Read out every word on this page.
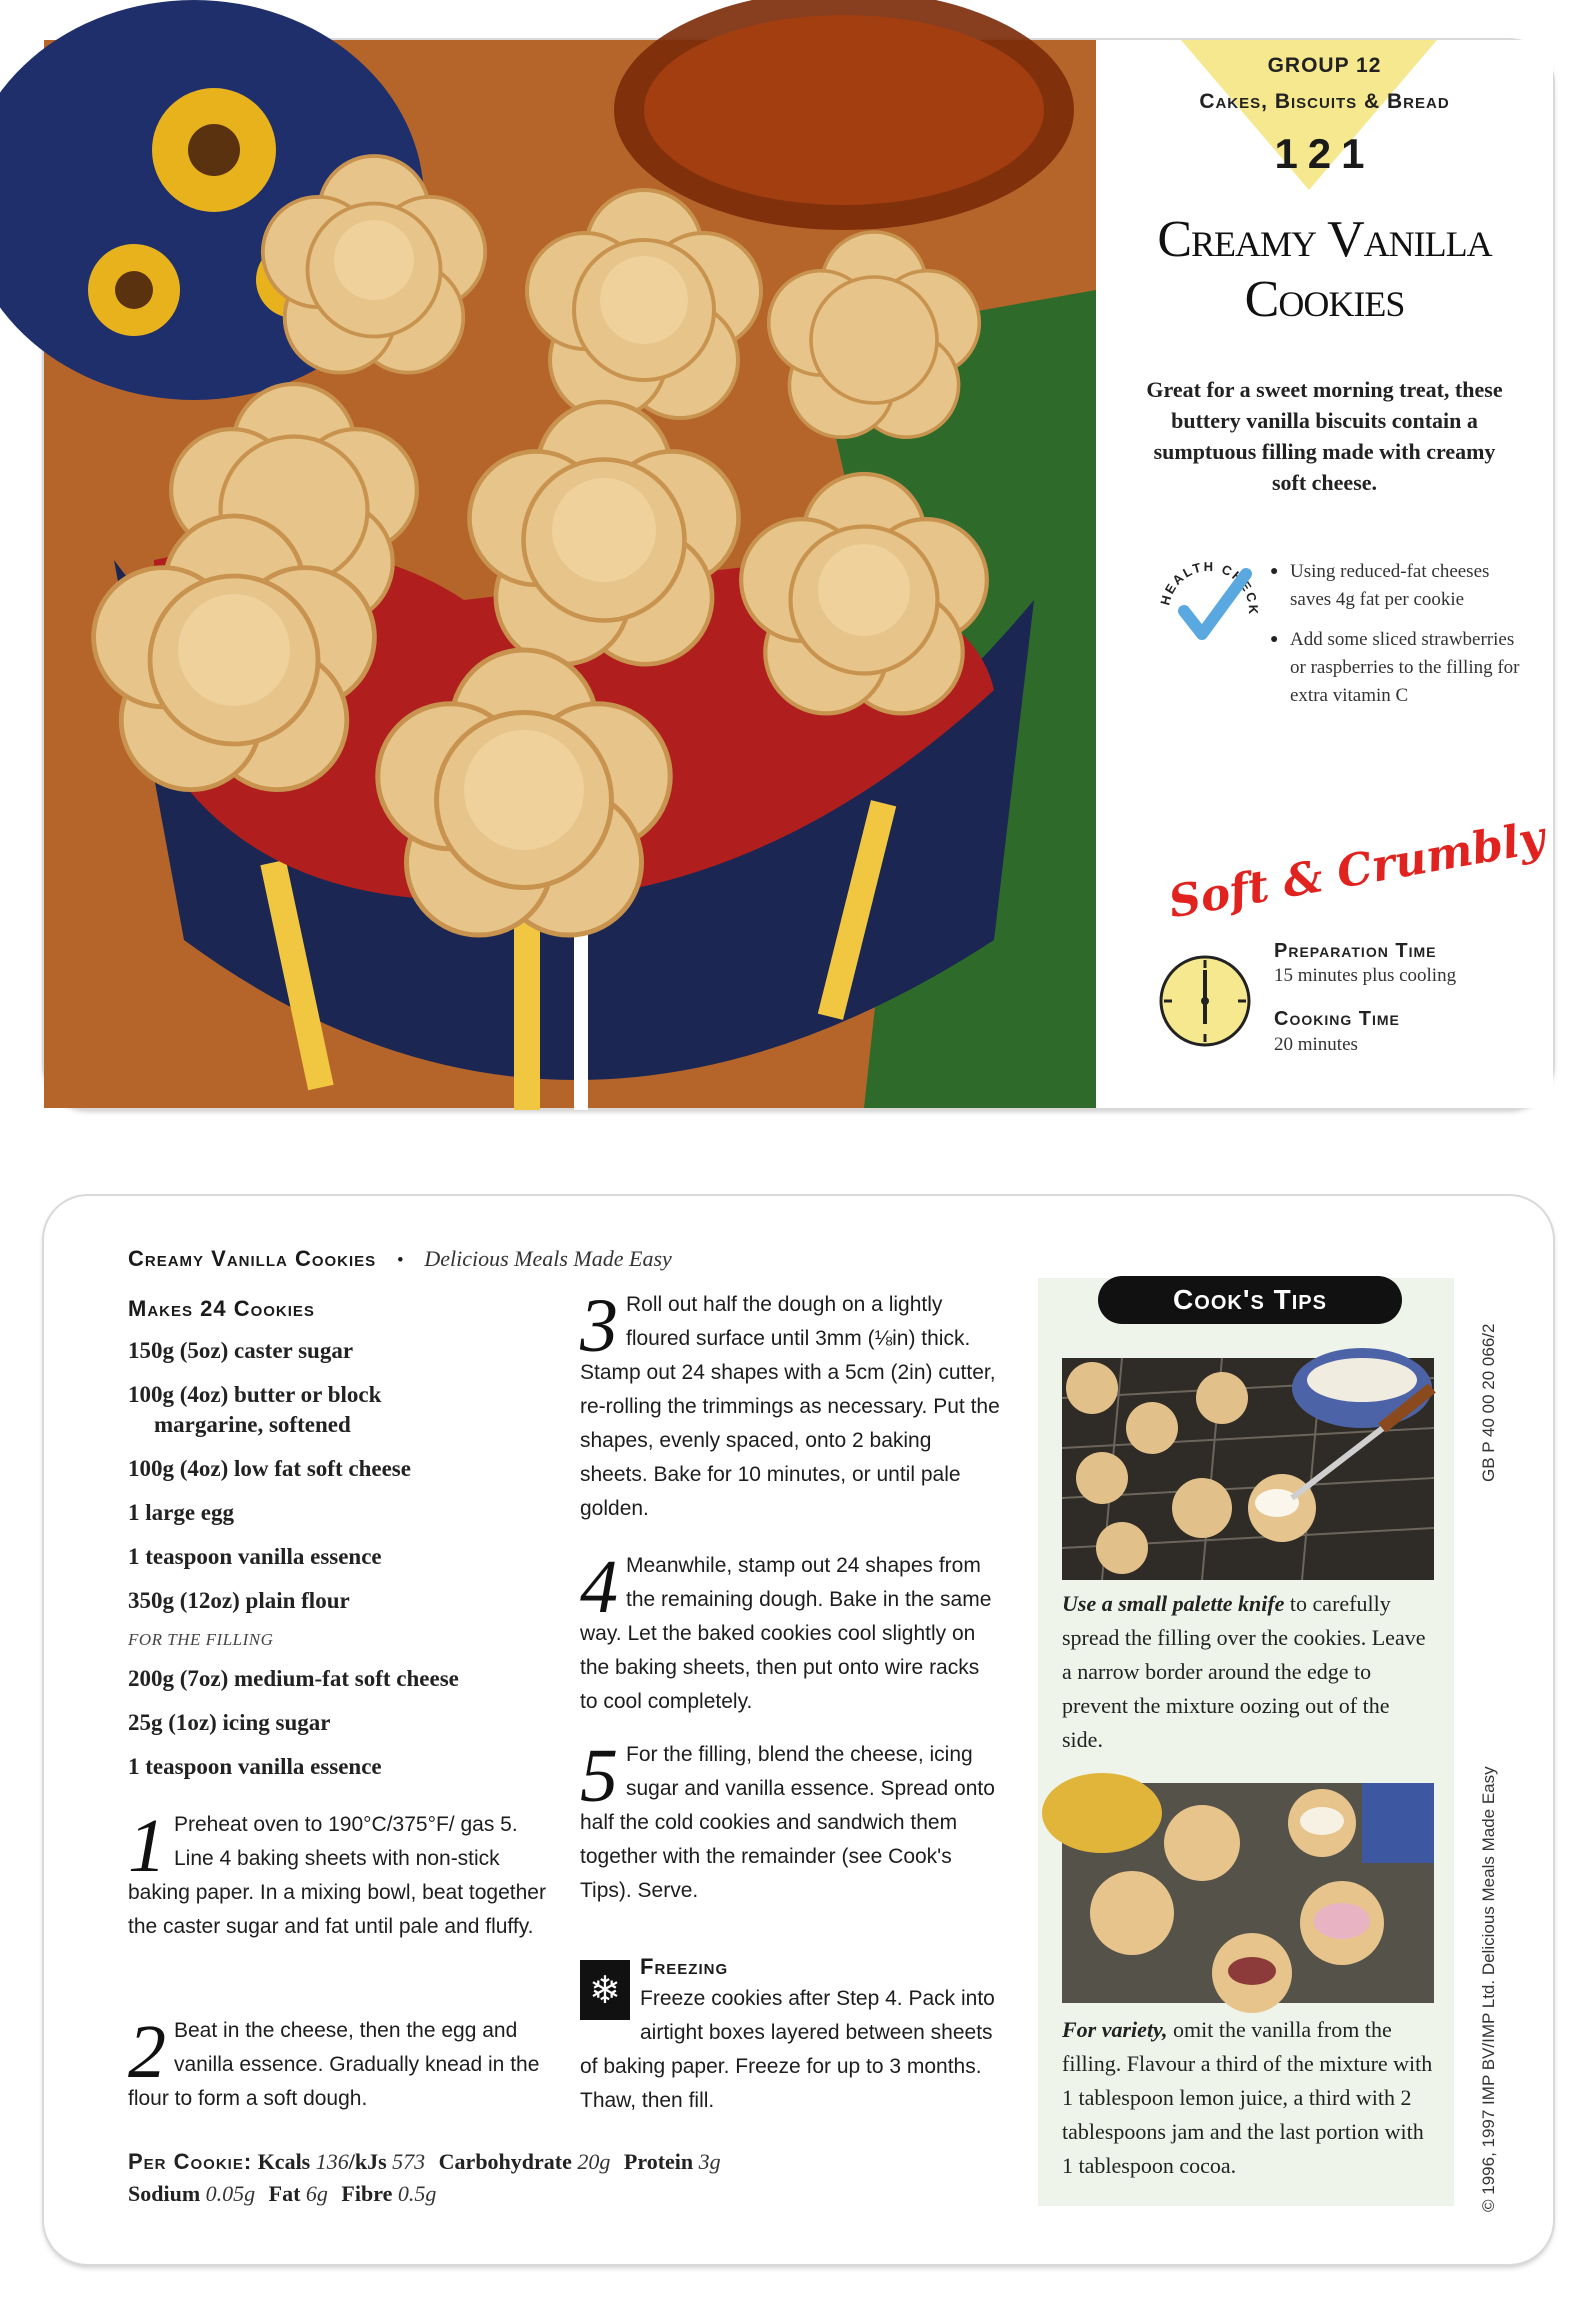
GROUP 12
Cakes, Biscuits & Bread
121
Creamy Vanilla
Cookies
Great for a sweet morning treat, these buttery vanilla biscuits contain a sumptuous filling made with creamy soft cheese.
HEALTH CHECK
● Using reduced-fat cheeses saves 4g fat per cookie
● Add some sliced strawberries or raspberries to the filling for extra vitamin C
Soft & Crumbly
Preparation Time
15 minutes plus cooling
Cooking Time
20 minutes
Creamy Vanilla Cookies • Delicious Meals Made Easy

Makes 24 Cookies

150g (5oz) caster sugar

100g (4oz) butter or block
margarine, softened

100g (4oz) low fat soft cheese

1 large egg

1 teaspoon vanilla essence

350g (12oz) plain flour

FOR THE FILLING

200g (7oz) medium-fat soft cheese

25g (1oz) icing sugar

1 teaspoon vanilla essence

1 Preheat oven to 190°C/375°F/ gas 5. Line 4 baking sheets with non-stick baking paper. In a mixing bowl, beat together the caster sugar and fat until pale and fluffy.

2 Beat in the cheese, then the egg and vanilla essence. Gradually knead in the flour to form a soft dough.

3 Roll out half the dough on a lightly floured surface until 3mm (⅛in) thick. Stamp out 24 shapes with a 5cm (2in) cutter, re-rolling the trimmings as necessary. Put the shapes, evenly spaced, onto 2 baking sheets. Bake for 10 minutes, or until pale golden.

4 Meanwhile, stamp out 24 shapes from the remaining dough. Bake in the same way. Let the baked cookies cool slightly on the baking sheets, then put onto wire racks to cool completely.

5 For the filling, blend the cheese, icing sugar and vanilla essence. Spread onto half the cold cookies and sandwich them together with the remainder (see Cook's Tips). Serve.

❄

Freezing

Freeze cookies after Step 4. Pack into airtight boxes layered between sheets of baking paper. Freeze for up to 3 months. Thaw, then fill.

Per Cookie: Kcals 136/kJs 573 Carbohydrate 20g Protein 3g
Sodium 0.05g Fat 6g Fibre 0.5g
Cook's Tips
Use a small palette knife to carefully spread the filling over the cookies. Leave a narrow border around the edge to prevent the mixture oozing out of the side.
For variety, omit the vanilla from the filling. Flavour a third of the mixture with 1 tablespoon lemon juice, a third with 2 tablespoons jam and the last portion with 1 tablespoon cocoa.
GB P 40 00 20 066/2
© 1996, 1997 IMP BV/IMP Ltd. Delicious Meals Made Easy
